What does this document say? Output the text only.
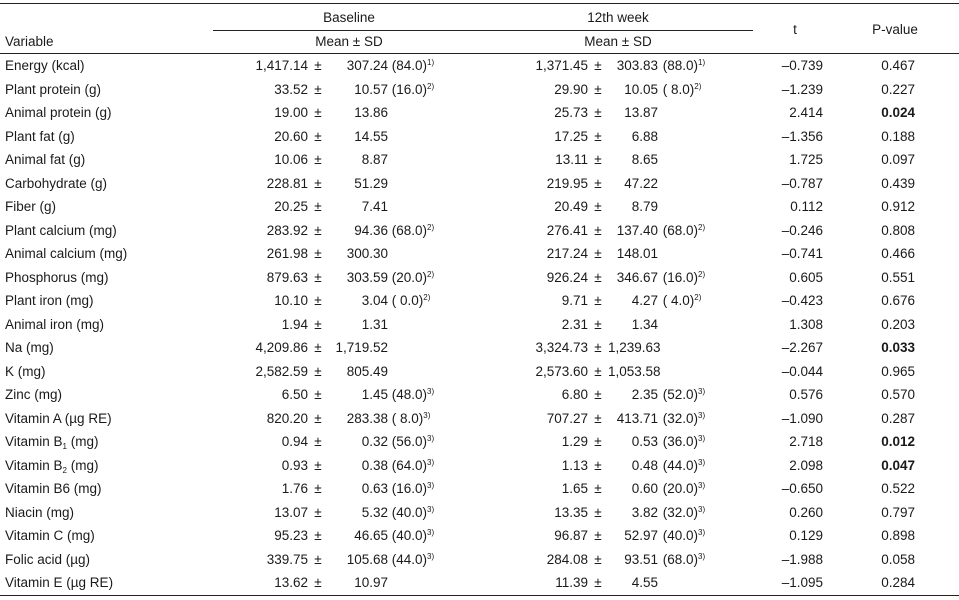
Baseline	12th week
Variable	Mean ± SD	Mean ± SD
t	P-value
Energy (kcal)	1,417.14 ±	307.24 $(84.0)^{1)}$	1,371.45 ±	303.83 $(88.0)^{1)}$	–0.739	0.467
Plant protein (g)	33.52 ±	10.57 $(16.0)^{2)}$	29.90 ±	10.05 ( 8.0)$^{2)}$	–1.239	0.227
Animal protein (g)	19.00 ±	13.86	25.73 ±	13.87	2.414	0.024
Plant fat (g)	20.60 ±	14.55	17.25 ±	6.88	–1.356	0.188
Animal fat (g)	10.06 ±	8.87	13.11 ±	8.65	1.725	0.097
Carbohydrate (g)	228.81 ±	51.29	219.95 ±	47.22	–0.787	0.439
Fiber (g)	20.25 ±	7.41	20.49 ±	8.79	0.112	0.912
Plant calcium (mg)	283.92 ±	94.36 $(68.0)^{2)}$	276.41 ±	137.40 $(68.0)^{2)}$	–0.246	0.808
Animal calcium (mg)	261.98 ±	300.30	217.24 ±	148.01	–0.741	0.466
Phosphorus (mg)	879.63 ±	303.59 $(20.0)^{2)}$	926.24 ±	346.67 $(16.0)^{2)}$	0.605	0.551
Plant iron (mg)	10.10 ±	3.04 ( 0.0)$^{2)}$	9.71 ±	4.27 ( 4.0)$^{2)}$	–0.423	0.676
Animal iron (mg)	1.94 ±	1.31	2.31 ±	1.34	1.308	0.203
Na (mg)	4,209.86 ±	1,719.52	3,324.73 ± 1,239.63	–2.267	0.033
K (mg)	2,582.59 ±	805.49	2,573.60 ± 1,053.58	–0.044	0.965
Zinc (mg)	6.50 ±	1.45 $(48.0)^{3)}$	6.80 ±	2.35 $(52.0)^{3)}$	0.576	0.570
Vitamin A (µg RE)	820.20 ±	283.38 ( 8.0)$^{3)}$	707.27 ±	413.71 $(32.0)^{3)}$	–1.090	0.287
Vitamin $B_1$ (mg)	0.94 ±	0.32 $(56.0)^{3)}$	1.29 ±	0.53 $(36.0)^{3)}$	2.718	0.012
Vitamin $B_2$ (mg)	0.93 ±	0.38 $(64.0)^{3)}$	1.13 ±	0.48 $(44.0)^{3)}$	2.098	0.047
Vitamin B6 (mg)	1.76 ±	0.63 $(16.0)^{3)}$	1.65 ±	0.60 $(20.0)^{3)}$	–0.650	0.522
Niacin (mg)	13.07 ±	5.32 $(40.0)^{3)}$	13.35 ±	3.82 $(32.0)^{3)}$	0.260	0.797
Vitamin C (mg)	95.23 ±	46.65 $(40.0)^{3)}$	96.87 ±	52.97 $(40.0)^{3)}$	0.129	0.898
Folic acid (µg)	339.75 ±	105.68 $(44.0)^{3)}$	284.08 ±	93.51 $(68.0)^{3)}$	–1.988	0.058
Vitamin E (µg RE)	13.62 ±	10.97	11.39 ±	4.55	–1.095	0.284
